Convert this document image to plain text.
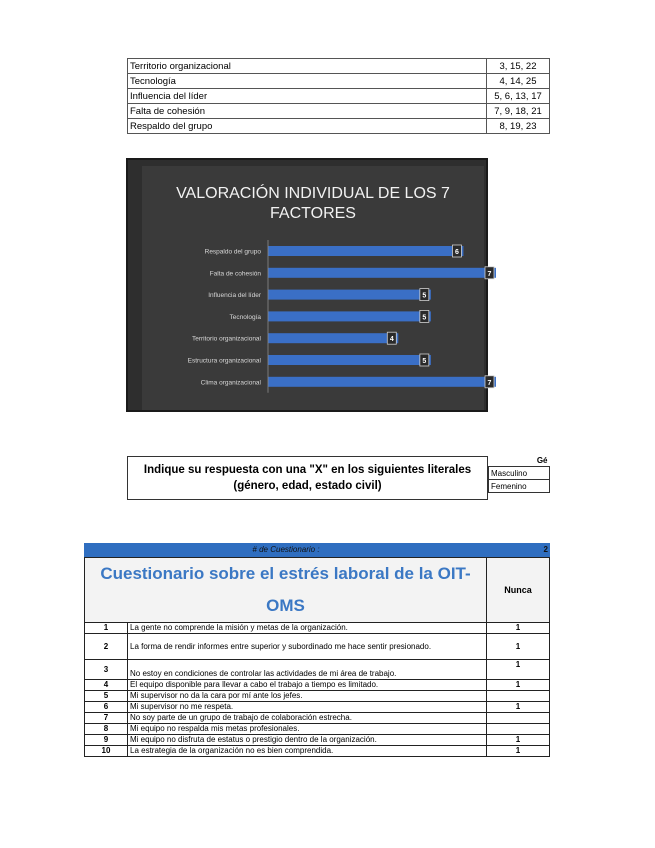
Territorio organizacional	3, 15, 22
Tecnología	4, 14, 25
Influencia del líder	5, 6, 13, 17
Falta de cohesión	7, 9, 18, 21
Respaldo del grupo	8, 19, 23
VALORACIÓN INDIVIDUAL DE LOS 7
FACTORES
Respaldo del grupo	6
Falta de cohesión	7
Influencia del líder	5
Tecnología	5
Territorio organizacional	4
Estructura organizacional	5
Clima organizacional	7
Indique su respuesta con una "X" en los siguientes literales
(género, edad, estado civil)
Gé
Masculino
Femenino
# de Cuestionario :	2
Cuestionario sobre el estrés laboral de la OIT-OMS		Nunca
1	La gente no comprende la misión y metas de la organización.	1
2	La forma de rendir informes entre superior y subordinado me hace sentir presionado.	1
3	No estoy en condiciones de controlar las actividades de mi área de trabajo.	1
4	El equipo disponible para llevar a cabo el trabajo a tiempo es limitado.	1
5	Mi supervisor no da la cara por mí ante los jefes.	
6	Mi supervisor no me respeta.	1
7	No soy parte de un grupo de trabajo de colaboración estrecha.	
8	Mi equipo no respalda mis metas profesionales.	
9	Mi equipo no disfruta de estatus o prestigio dentro de la organización.	1
10	La estrategia de la organización no es bien comprendida.	1
